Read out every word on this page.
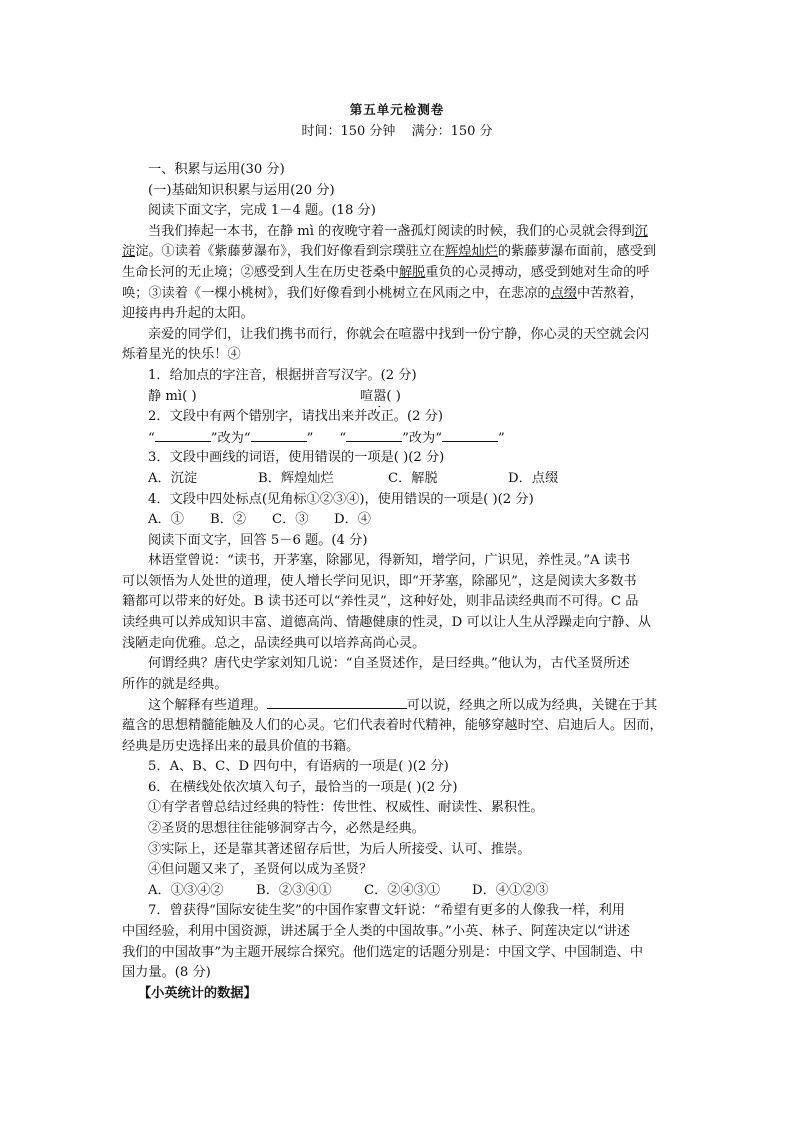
第五单元检测卷
时间：150 分钟 满分：150 分
一、积累与运用(30 分)
(一)基础知识积累与运用(20 分)
阅读下面文字，完成 1－4 题。(18 分)
当我们捧起一本书，在静 mì 的夜晚守着一盏孤灯阅读的时候，我们的心灵就会得到沉
淀淀。①读着《紫藤萝瀑布》，我们好像看到宗璞驻立在辉煌灿烂的紫藤萝瀑布面前，感受到
生命长河的无止境；②感受到人生在历史苍桑中解脱重负的心灵搏动，感受到她对生命的呼
唤；③读着《一棵小桃树》，我们好像看到小桃树立在风雨之中，在悲凉的点缀中苦熬着，
迎接冉冉升起的太阳。
亲爱的同学们，让我们携书而行，你就会在喧嚣中找到一份宁静，你心灵的天空就会闪
烁着星光的快乐！④
1．给加点的字注音，根据拼音写汉字。(2 分)
静 mì( )	喧嚣( )
2．文段中有两个错别字，请找出来并改正。(2 分)
“	”改为“	” “	”改为“	”
3．文段中画线的词语，使用错误的一项是( )(2 分)
A．沉淀	B．辉煌灿烂	C．解脱	D．点缀
4．文段中四处标点(见角标①②③④)，使用错误的一项是( )(2 分)
A．① B．② C．③ D．④
阅读下面文字，回答 5－6 题。(4 分)
林语堂曾说：“读书，开茅塞，除鄙见，得新知，增学问，广识见，养性灵。”A 读书
可以领悟为人处世的道理，使人增长学问见识，即“开茅塞，除鄙见”，这是阅读大多数书
籍都可以带来的好处。B 读书还可以“养性灵”，这种好处，则非品读经典而不可得。C 品
读经典可以养成知识丰富、道德高尚、情趣健康的性灵，D 可以让人生从浮躁走向宁静、从
浅陋走向优雅。总之，品读经典可以培养高尚心灵。
何谓经典？唐代史学家刘知几说：“自圣贤述作，是曰经典。”他认为，古代圣贤所述
所作的就是经典。
这个解释有些道理。	可以说，经典之所以成为经典，关键在于其
蕴含的思想精髓能触及人们的心灵。它们代表着时代精神，能够穿越时空、启迪后人。因而，
经典是历史选择出来的最具价值的书籍。
5．A、B、C、D 四句中，有语病的一项是( )(2 分)
6．在横线处依次填入句子，最恰当的一项是( )(2 分)
①有学者曾总结过经典的特性：传世性、权威性、耐读性、累积性。
②圣贤的思想往往能够洞穿古今，必然是经典。
③实际上，还是靠其著述留存后世，为后人所接受、认可、推崇。
④但问题又来了，圣贤何以成为圣贤？
A．①③④② B．②③④① C．②④③① D．④①②③
7．曾获得“国际安徒生奖”的中国作家曹文轩说：“希望有更多的人像我一样，利用
中国经验，利用中国资源，讲述属于全人类的中国故事。”小英、林子、阿莲决定以“讲述
我们的中国故事”为主题开展综合探究。他们选定的话题分别是：中国文学、中国制造、中
国力量。(8 分)
【小英统计的数据】
